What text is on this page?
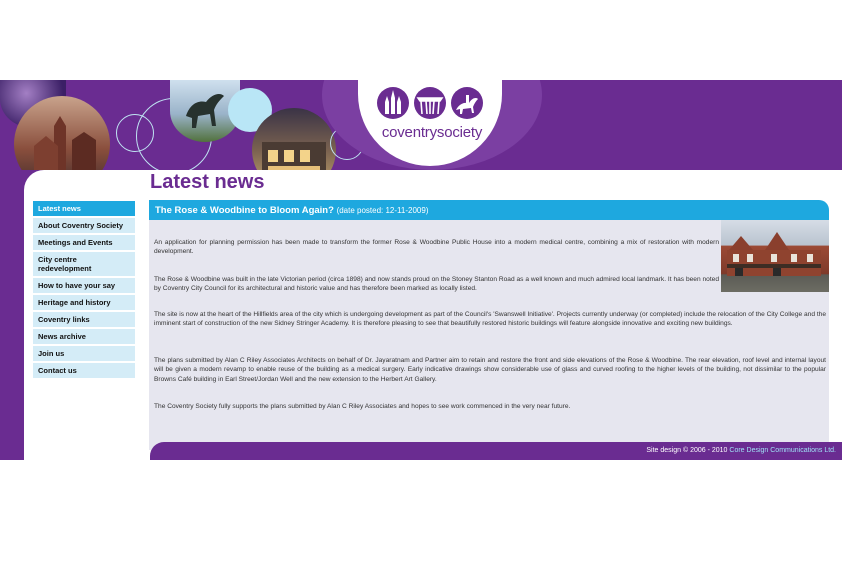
coventrysociety
Latest news
About Coventry Society
Meetings and Events
City centre redevelopment
How to have your say
Heritage and history
Coventry links
News archive
Join us
Contact us
Latest news
The Rose & Woodbine to Bloom Again? (date posted: 12-11-2009)

An application for planning permission has been made to transform the former Rose & Woodbine Public House into a modern medical centre, combining a mix of restoration with modern development.

The Rose & Woodbine was built in the late Victorian period (circa 1898) and now stands proud on the Stoney Stanton Road as a well known and much admired local landmark. It has been noted by Coventry City Council for its architectural and historic value and has therefore been marked as locally listed.

The site is now at the heart of the Hillfields area of the city which is undergoing development as part of the Council's 'Swanswell Initiative'. Projects currently underway (or completed) include the relocation of the City College and the imminent start of construction of the new Sidney Stringer Academy. It is therefore pleasing to see that beautifully restored historic buildings will feature alongside innovative and exciting new buildings.

The plans submitted by Alan C Riley Associates Architects on behalf of Dr. Jayaratnam and Partner aim to retain and restore the front and side elevations of the Rose & Woodbine. The rear elevation, roof level and internal layout will be given a modern revamp to enable reuse of the building as a medical surgery. Early indicative drawings show considerable use of glass and curved roofing to the higher levels of the building, not dissimilar to the popular Browns Café building in Earl Street/Jordan Well and the new extension to the Herbert Art Gallery.

The Coventry Society fully supports the plans submitted by Alan C Riley Associates and hopes to see work commenced in the very near future.

Site design © 2006 - 2010 Core Design Communications Ltd.
